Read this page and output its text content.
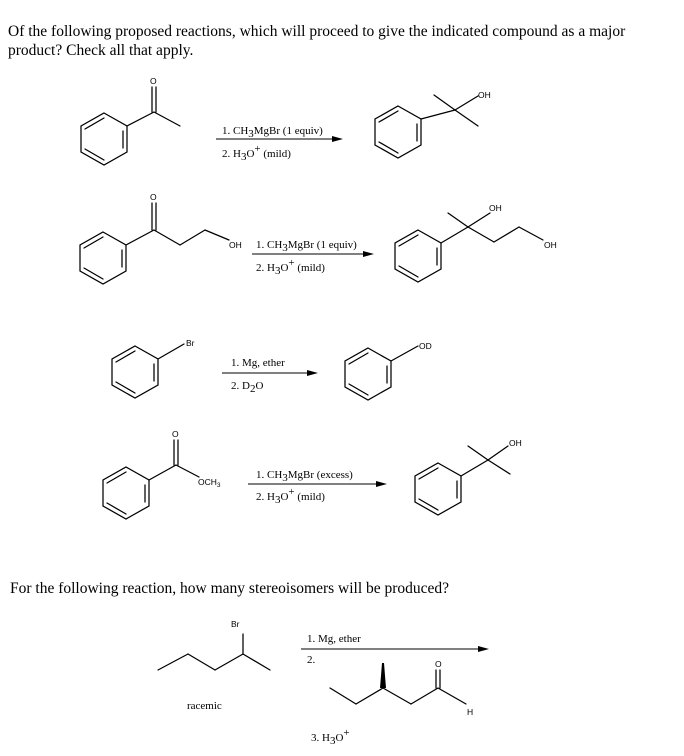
Of the following proposed reactions, which will proceed to give the indicated compound as a major product? Check all that apply.

For the following reaction, how many stereoisomers will be produced?

O
1. CH3MgBr (1 equiv)
2. H3O+ (mild)
OH
O
OH 1. CH3MgBr (1 equiv)
2. H3O+ (mild)
OH
OH
Br
1. Mg, ether
2. D2O
OD
O
$OCH_3$
1. CH3MgBr (excess)
2. H3O+ (mild)
OH
Br
racemic
1. Mg, ether
2.
3. H3O+
O
H
